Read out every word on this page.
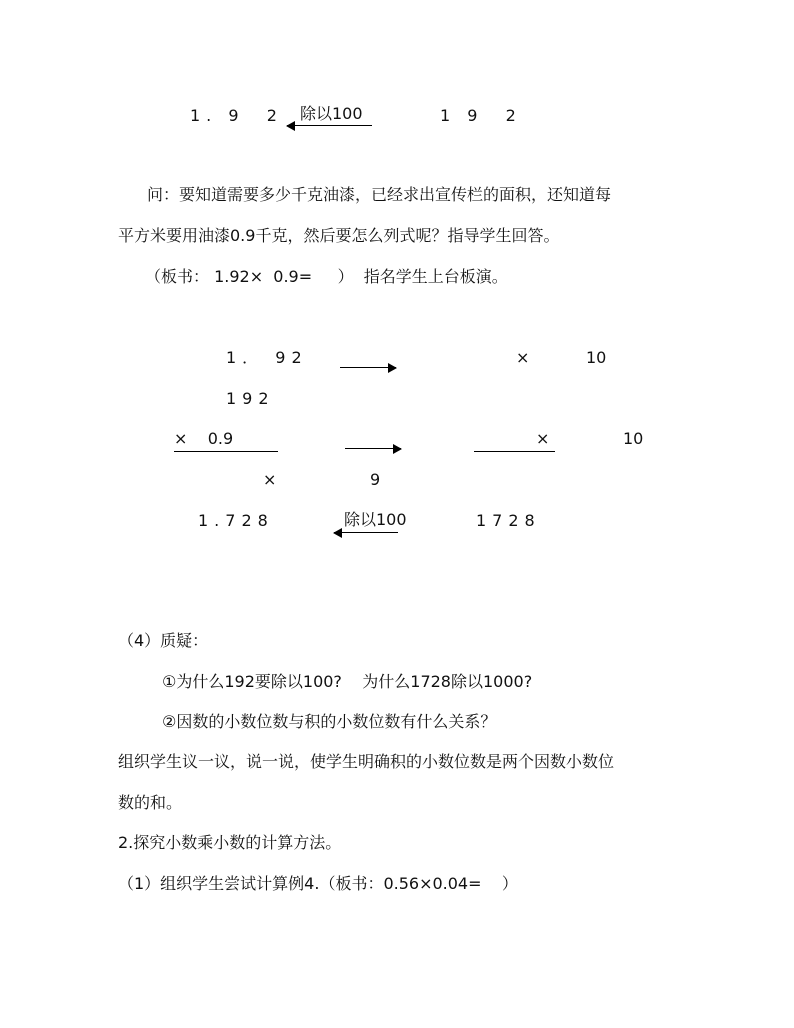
1. 9  2 除以100	1 9  2
问：要知道需要多少千克油漆，已经求出宣传栏的面积，还知道每
平方米要用油漆0.9千克，然后要怎么列式呢？指导学生回答。
（板书： 1.92×  0.9=     ）  指名学生上台板演。
1． 92	×	10
192
×    0.9	×	10
×	9
1.728	除以100	1728
（4）质疑：
①为什么192要除以100?    为什么1728除以1000?
②因数的小数位数与积的小数位数有什么关系？
组织学生议一议，说一说，使学生明确积的小数位数是两个因数小数位
数的和。
2.探究小数乘小数的计算方法。
（1）组织学生尝试计算例4.（板书：0.56×0.04=    ）
